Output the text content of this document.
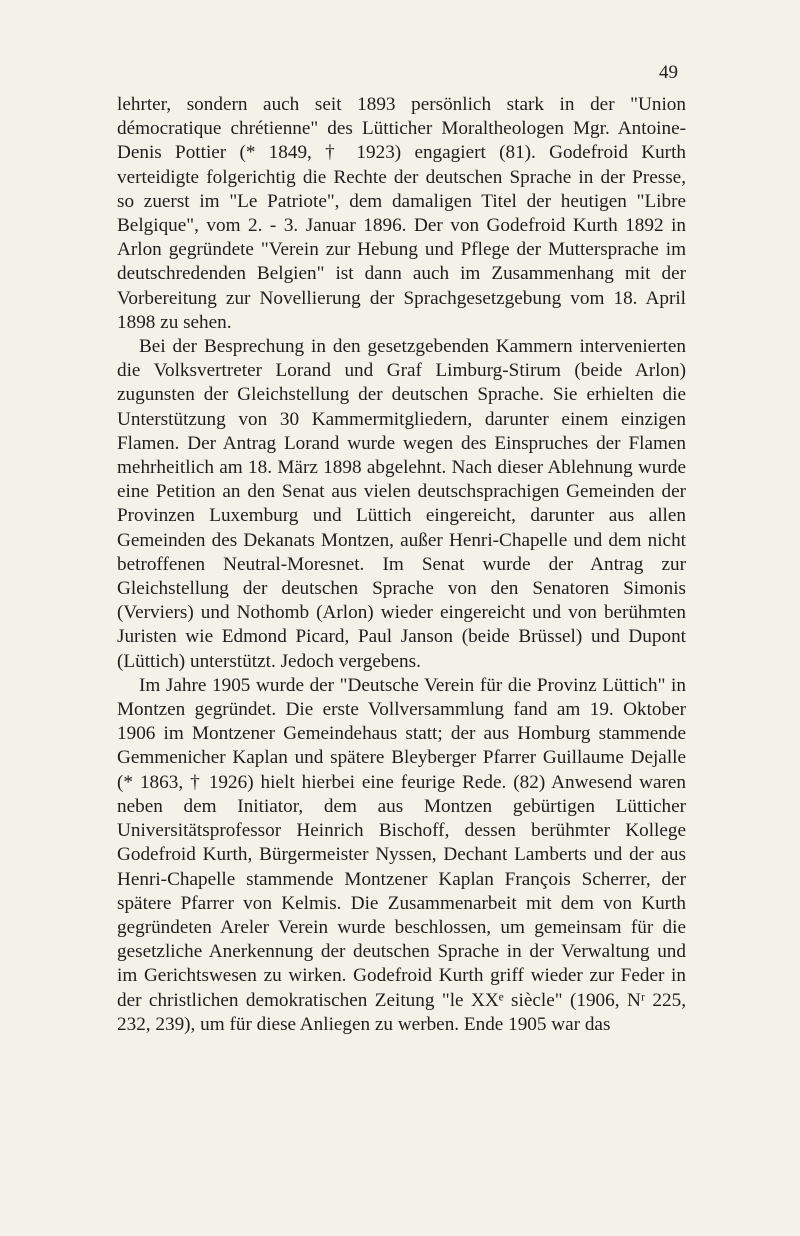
49

lehrter, sondern auch seit 1893 persönlich stark in der "Union démocratique chrétienne" des Lütticher Moraltheologen Mgr. Antoine-Denis Pottier (* 1849, † 1923) engagiert (81). Godefroid Kurth verteidigte folgerichtig die Rechte der deutschen Sprache in der Presse, so zuerst im "Le Patriote", dem damaligen Titel der heutigen "Libre Belgique", vom 2. - 3. Januar 1896. Der von Godefroid Kurth 1892 in Arlon gegründete "Verein zur Hebung und Pflege der Muttersprache im deutschredenden Belgien" ist dann auch im Zusammenhang mit der Vorbereitung zur Novellierung der Sprachgesetzgebung vom 18. April 1898 zu sehen.

Bei der Besprechung in den gesetzgebenden Kammern intervenierten die Volksvertreter Lorand und Graf Limburg-Stirum (beide Arlon) zugunsten der Gleichstellung der deutschen Sprache. Sie erhielten die Unterstützung von 30 Kammermitgliedern, darunter einem einzigen Flamen. Der Antrag Lorand wurde wegen des Einspruches der Flamen mehrheitlich am 18. März 1898 abgelehnt. Nach dieser Ablehnung wurde eine Petition an den Senat aus vielen deutschsprachigen Gemeinden der Provinzen Luxemburg und Lüttich eingereicht, darunter aus allen Gemeinden des Dekanats Montzen, außer Henri-Chapelle und dem nicht betroffenen Neutral-Moresnet. Im Senat wurde der Antrag zur Gleichstellung der deutschen Sprache von den Senatoren Simonis (Verviers) und Nothomb (Arlon) wieder eingereicht und von berühmten Juristen wie Edmond Picard, Paul Janson (beide Brüssel) und Dupont (Lüttich) unterstützt. Jedoch vergebens.

Im Jahre 1905 wurde der "Deutsche Verein für die Provinz Lüttich" in Montzen gegründet. Die erste Vollversammlung fand am 19. Oktober 1906 im Montzener Gemeindehaus statt; der aus Homburg stammende Gemmenicher Kaplan und spätere Bleyberger Pfarrer Guillaume Dejalle (* 1863, † 1926) hielt hierbei eine feurige Rede. (82) Anwesend waren neben dem Initiator, dem aus Montzen gebürtigen Lütticher Universitätsprofessor Heinrich Bischoff, dessen berühmter Kollege Godefroid Kurth, Bürgermeister Nyssen, Dechant Lamberts und der aus Henri-Chapelle stammende Montzener Kaplan François Scherrer, der spätere Pfarrer von Kelmis. Die Zusammenarbeit mit dem von Kurth gegründeten Areler Verein wurde beschlossen, um gemeinsam für die gesetzliche Anerkennung der deutschen Sprache in der Verwaltung und im Gerichtswesen zu wirken. Godefroid Kurth griff wieder zur Feder in der christlichen demokratischen Zeitung "le XXᵉ siècle" (1906, Nʳ 225, 232, 239), um für diese Anliegen zu werben. Ende 1905 war das
